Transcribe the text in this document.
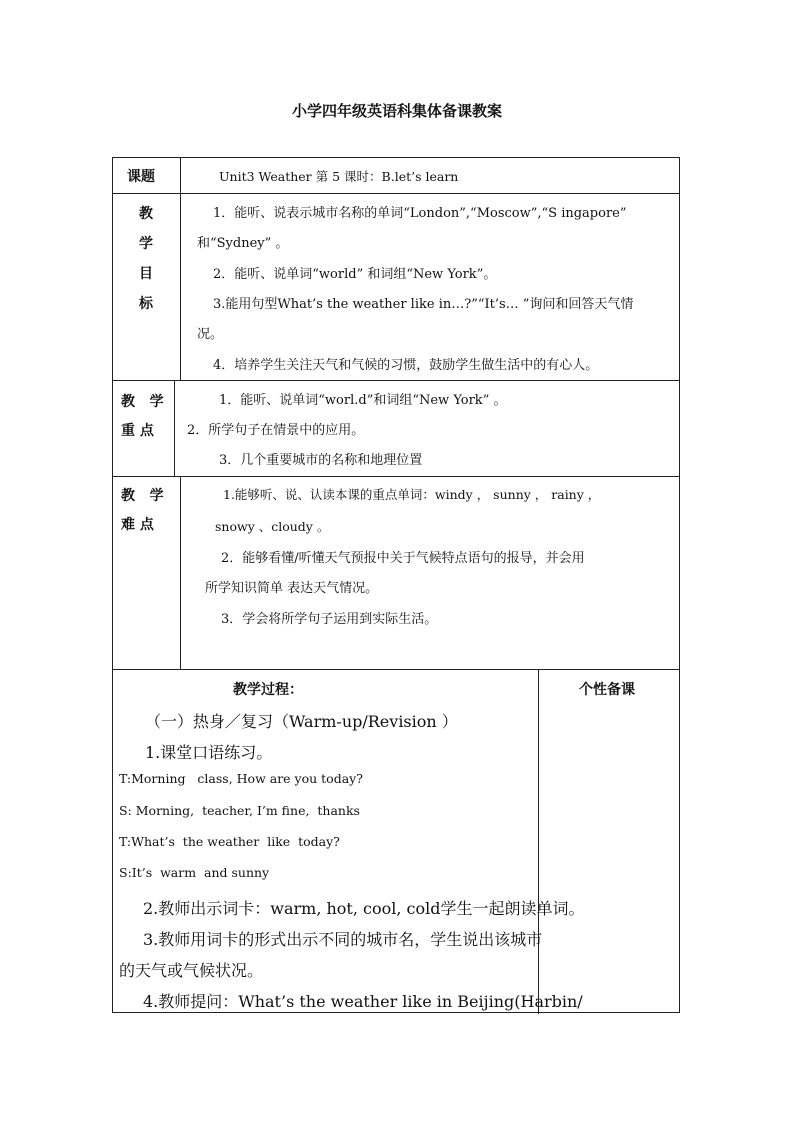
小学四年级英语科集体备课教案
课题	Unit3 Weather 第 5 课时：B.let’s learn
教
学
目
标
1．能听、说表示城市名称的单词“London”,“Moscow”,“S ingapore”
和“Sydney” 。
2．能听、说单词“world” 和词组“New York”。
3.能用句型What’s the weather like in…?”“It’s… ”询问和回答天气情
况。
4．培养学生关注天气和气候的习惯，鼓励学生做生活中的有心人。
教   学
重 点
1．能听、说单词“worl.d”和词组“New York” 。
2．所学句子在情景中的应用。
3．几个重要城市的名称和地理位置
教   学
难 点
1.能够听、说、认读本课的重点单词：windy ， sunny ， rainy ，
snowy 、cloudy 。
2．能够看懂/听懂天气预报中关于气候特点语句的报导，并会用
所学知识简单 表达天气情况。
3．学会将所学句子运用到实际生活。
教学过程：
（一）热身／复习（Warm-up/Revision ）
1.课堂口语练习。
T:Morning   class, How are you today?
S: Morning,  teacher, I’m fine,  thanks
T:What’s  the weather  like  today?
S:It’s  warm  and sunny
2.教师出示词卡：warm, hot, cool, cold学生一起朗读单词。
3.教师用词卡的形式出示不同的城市名，学生说出该城市
的天气或气候状况。
4.教师提问：What’s the weather like in Beijing(Harbin/
个性备课
